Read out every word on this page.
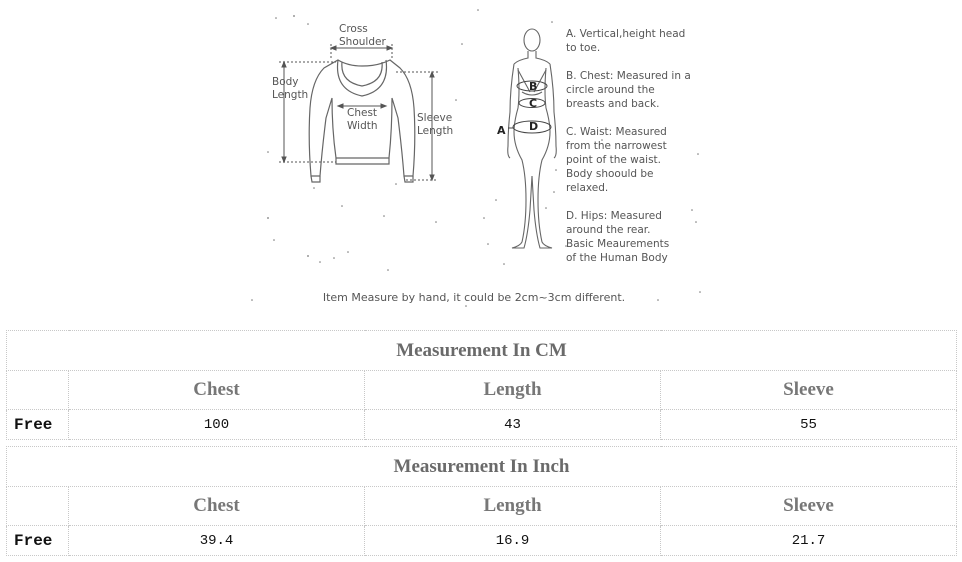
Cross
Shoulder
Body
Length
Chest
Width
Sleeve
Length	A
B
C
D
A. Vertical,height head
to toe.
B. Chest: Measured in a
circle around the
breasts and back.
C. Waist: Measured
from the narrowest
point of the waist.
Body shoould be
relaxed.
D. Hips: Measured
around the rear.
Basic Meaurements
of the Human Body
Item Measure by hand, it could be 2cm~3cm different.
Measurement In CM			
	Chest	Length	Sleeve
Free	100	43	55
Measurement In Inch			
	Chest	Length	Sleeve
Free	39.4	16.9	21.7
